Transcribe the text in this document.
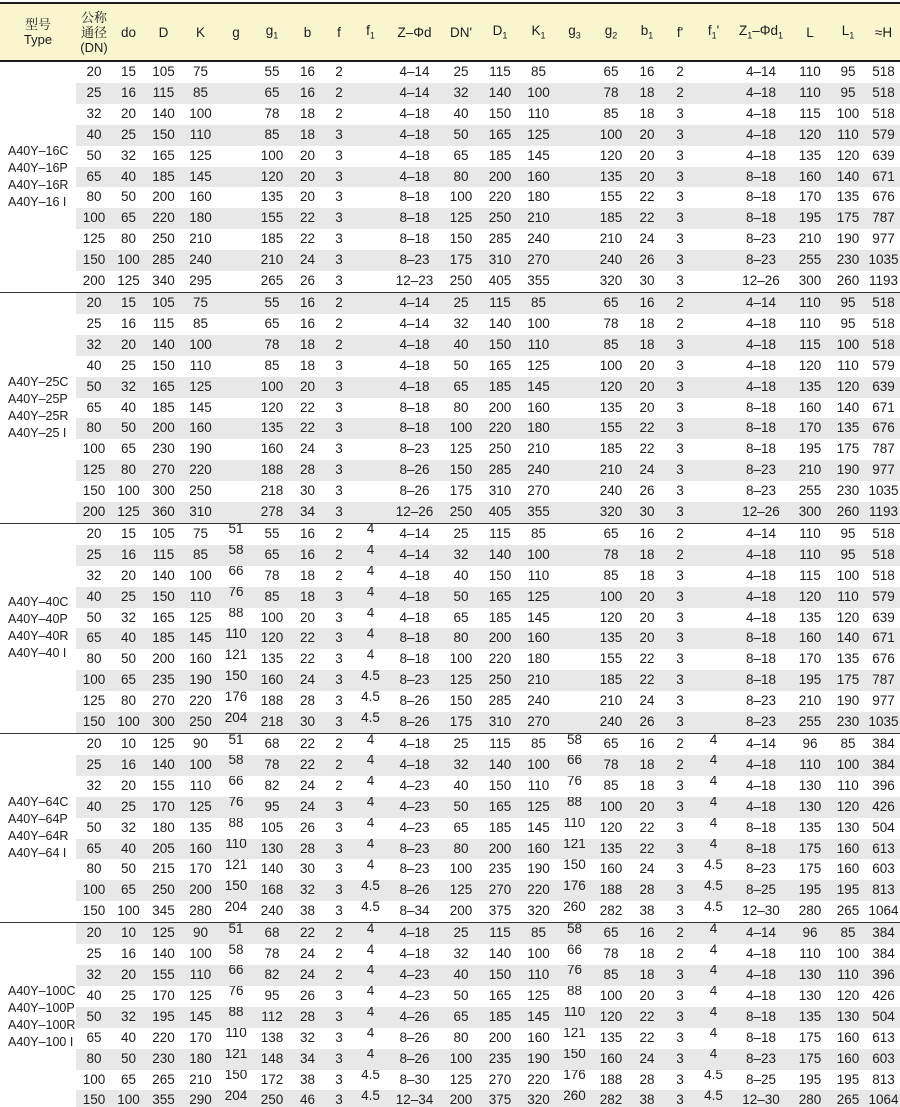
型号
Type

公称
通径
(DN)
	do	D	K	g	$g_1$	b	f	$f_1$	Z–Φd	DN'	$D_1$	$K_1$	$g_3$	$g_2$	$b_1$	f'	$f_1'$	$Z_1-\Phi d_1$	L	$L_1$	≈H

A40Y–16C
A40Y–16P
A40Y–16R
A40Y–16 I	20	15	105	75		55	16	2		4–14	25	115	85		65	16	2		4–14	110	95	518
	25	16	115	85		65	16	2		4–14	32	140	100		78	18	2		4–18	110	95	518
	32	20	140	100		78	18	2		4–18	40	150	110		85	18	3		4–18	115	100	518
	40	25	150	110		85	18	3		4–18	50	165	125		100	20	3		4–18	120	110	579
	50	32	165	125		100	20	3		4–18	65	185	145		120	20	3		4–18	135	120	639
	65	40	185	145		120	20	3		4–18	80	200	160		135	20	3		8–18	160	140	671
	80	50	200	160		135	20	3		8–18	100	220	180		155	22	3		8–18	170	135	676
	100	65	220	180		155	22	3		8–18	125	250	210		185	22	3		8–18	195	175	787
	125	80	250	210		185	22	3		8–18	150	285	240		210	24	3		8–23	210	190	977
	150	100	285	240		210	24	3		8–23	175	310	270		240	26	3		8–23	255	230	1035
	200	125	340	295		265	26	3		12–23	250	405	355		320	30	3		12–26	300	260	1193

A40Y–25C
A40Y–25P
A40Y–25R
A40Y–25 I	20	15	105	75		55	16	2		4–14	25	115	85		65	16	2		4–14	110	95	518
	25	16	115	85		65	16	2		4–14	32	140	100		78	18	2		4–18	110	95	518
	32	20	140	100		78	18	2		4–18	40	150	110		85	18	3		4–18	115	100	518
	40	25	150	110		85	18	3		4–18	50	165	125		100	20	3		4–18	120	110	579
	50	32	165	125		100	20	3		4–18	65	185	145		120	20	3		4–18	135	120	639
	65	40	185	145		120	22	3		8–18	80	200	160		135	20	3		8–18	160	140	671
	80	50	200	160		135	22	3		8–18	100	220	180		155	22	3		8–18	170	135	676
	100	65	230	190		160	24	3		8–23	125	250	210		185	22	3		8–18	195	175	787
	125	80	270	220		188	28	3		8–26	150	285	240		210	24	3		8–23	210	190	977
	150	100	300	250		218	30	3		8–26	175	310	270		240	26	3		8–23	255	230	1035
	200	125	360	310		278	34	3		12–26	250	405	355		320	30	3		12–26	300	260	1193

A40Y–40C
A40Y–40P
A40Y–40R
A40Y–40 I	20	15	105	75	51	55	16	2	4	4–14	25	115	85		65	16	2		4–14	110	95	518
	25	16	115	85	58	65	16	2	4	4–14	32	140	100		78	18	2		4–18	110	95	518
	32	20	140	100	66	78	18	2	4	4–18	40	150	110		85	18	3		4–18	115	100	518
	40	25	150	110	76	85	18	3	4	4–18	50	165	125		100	20	3		4–18	120	110	579
	50	32	165	125	88	100	20	3	4	4–18	65	185	145		120	20	3		4–18	135	120	639
	65	40	185	145	110	120	22	3	4	8–18	80	200	160		135	20	3		8–18	160	140	671
	80	50	200	160	121	135	22	3	4	8–18	100	220	180		155	22	3		8–18	170	135	676
	100	65	235	190	150	160	24	3	4.5	8–23	125	250	210		185	22	3		8–18	195	175	787
	125	80	270	220	176	188	28	3	4.5	8–26	150	285	240		210	24	3		8–23	210	190	977
	150	100	300	250	204	218	30	3	4.5	8–26	175	310	270		240	26	3		8–23	255	230	1035

A40Y–64C
A40Y–64P
A40Y–64R
A40Y–64 I	20	10	125	90	51	68	22	2	4	4–18	25	115	85	58	65	16	2	4	4–14	96	85	384
	25	16	140	100	58	78	22	2	4	4–18	32	140	100	66	78	18	2	4	4–18	110	100	384
	32	20	155	110	66	82	24	2	4	4–23	40	150	110	76	85	18	3	4	4–18	130	110	396
	40	25	170	125	76	95	24	3	4	4–23	50	165	125	88	100	20	3	4	4–18	130	120	426
	50	32	180	135	88	105	26	3	4	4–23	65	185	145	110	120	22	3	4	8–18	135	130	504
	65	40	205	160	110	130	28	3	4	8–23	80	200	160	121	135	22	3	4	8–18	175	160	613
	80	50	215	170	121	140	30	3	4	8–23	100	235	190	150	160	24	3	4.5	8–23	175	160	603
	100	65	250	200	150	168	32	3	4.5	8–26	125	270	220	176	188	28	3	4.5	8–25	195	195	813
	150	100	345	280	204	240	38	3	4.5	8–34	200	375	320	260	282	38	3	4.5	12–30	280	265	1064

A40Y–100C
A40Y–100P
A40Y–100R
A40Y–100 I	20	10	125	90	51	68	22	2	4	4–18	25	115	85	58	65	16	2	4	4–14	96	85	384
	25	16	140	100	58	78	24	2	4	4–18	32	140	100	66	78	18	2	4	4–18	110	100	384
	32	20	155	110	66	82	24	2	4	4–23	40	150	110	76	85	18	3	4	4–18	130	110	396
	40	25	170	125	76	95	26	3	4	4–23	50	165	125	88	100	20	3	4	4–18	130	120	426
	50	32	195	145	88	112	28	3	4	4–26	65	185	145	110	120	22	3	4	8–18	135	130	504
	65	40	220	170	110	138	32	3	4	8–26	80	200	160	121	135	22	3	4	8–18	175	160	613
	80	50	230	180	121	148	34	3	4	8–26	100	235	190	150	160	24	3	4	8–23	175	160	603
	100	65	265	210	150	172	38	3	4.5	8–30	125	270	220	176	188	28	3	4.5	8–25	195	195	813
	150	100	355	290	204	250	46	3	4.5	12–34	200	375	320	260	282	38	3	4.5	12–30	280	265	1064
